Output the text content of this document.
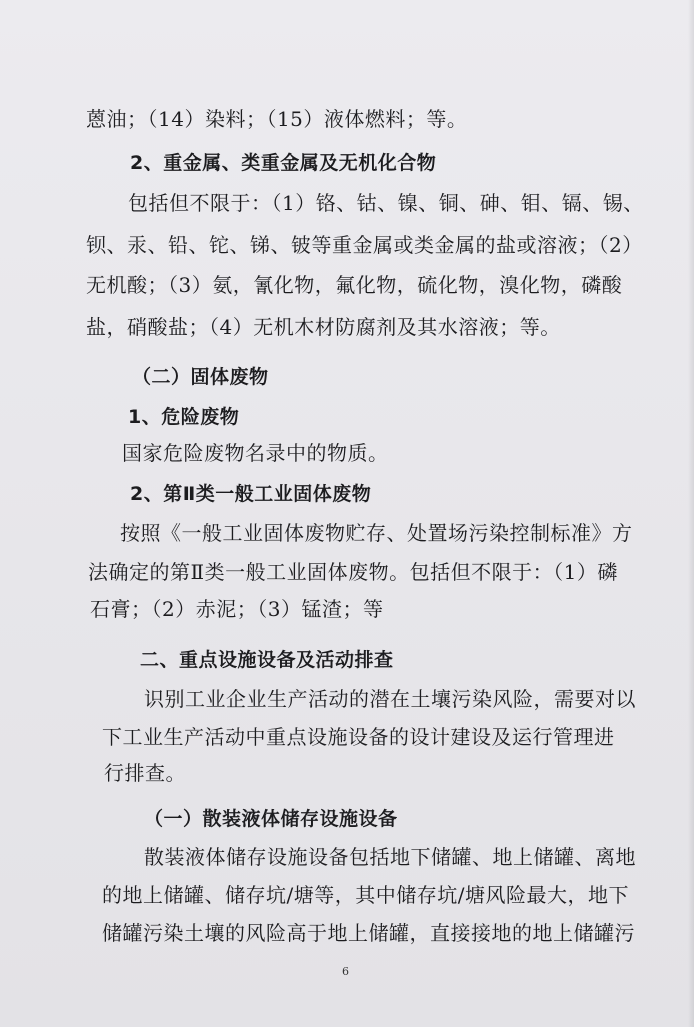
蒽油；（14）染料；（15）液体燃料；等。
2、重金属、类重金属及无机化合物
包括但不限于：（1）铬、钴、镍、铜、砷、钼、镉、锡、
钡、汞、铅、铊、锑、铍等重金属或类金属的盐或溶液；（2）
无机酸；（3）氨，氰化物，氟化物，硫化物，溴化物，磷酸
盐，硝酸盐；（4）无机木材防腐剂及其水溶液；等。
（二）固体废物
1、危险废物
国家危险废物名录中的物质。
2、第Ⅱ类一般工业固体废物
按照《一般工业固体废物贮存、处置场污染控制标准》方
法确定的第Ⅱ类一般工业固体废物。包括但不限于：（1）磷
石膏；（2）赤泥；（3）锰渣；等
二、重点设施设备及活动排查
识别工业企业生产活动的潜在土壤污染风险，需要对以
下工业生产活动中重点设施设备的设计建设及运行管理进
行排查。
（一）散装液体储存设施设备
散装液体储存设施设备包括地下储罐、地上储罐、离地
的地上储罐、储存坑/塘等，其中储存坑/塘风险最大，地下
储罐污染土壤的风险高于地上储罐，直接接地的地上储罐污
6
